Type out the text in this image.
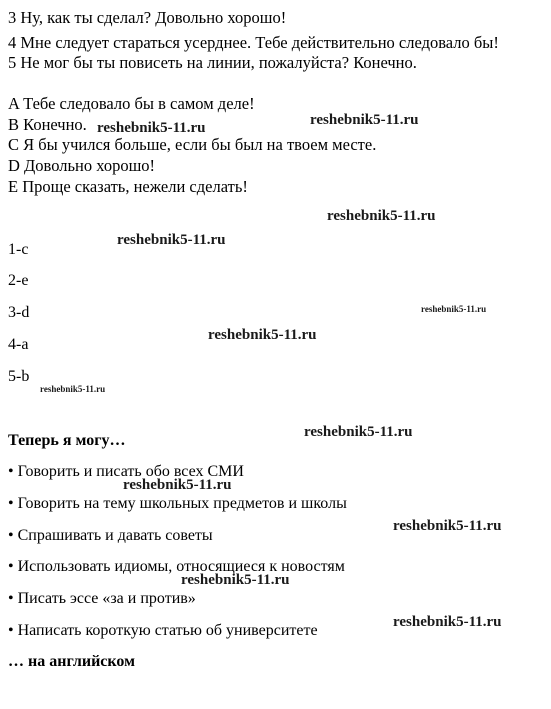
3 Ну, как ты сделал? Довольно хорошо!
4 Мне следует стараться усерднее. Тебе действительно следовало бы!
5 Не мог бы ты повисеть на линии, пожалуйста? Конечно.
A Тебе следовало бы в самом деле!
B Конечно.
C Я бы учился больше, если бы был на твоем месте.
D Довольно хорошо!
E Проще сказать, нежели сделать!
1-c
2-e
3-d
4-a
5-b
Теперь я могу…
• Говорить и писать обо всех СМИ
• Говорить на тему школьных предметов и школы
• Спрашивать и давать советы
• Использовать идиомы, относящиеся к новостям
• Писать эссе «за и против»
• Написать короткую статью об университете
… на английском
reshebnik5-11.ru	reshebnik5-11.ru
reshebnik5-11.ru
reshebnik5-11.ru
reshebnik5-11.ru
reshebnik5-11.ru
reshebnik5-11.ru
reshebnik5-11.ru
reshebnik5-11.ru
reshebnik5-11.ru
reshebnik5-11.ru
reshebnik5-11.ru
